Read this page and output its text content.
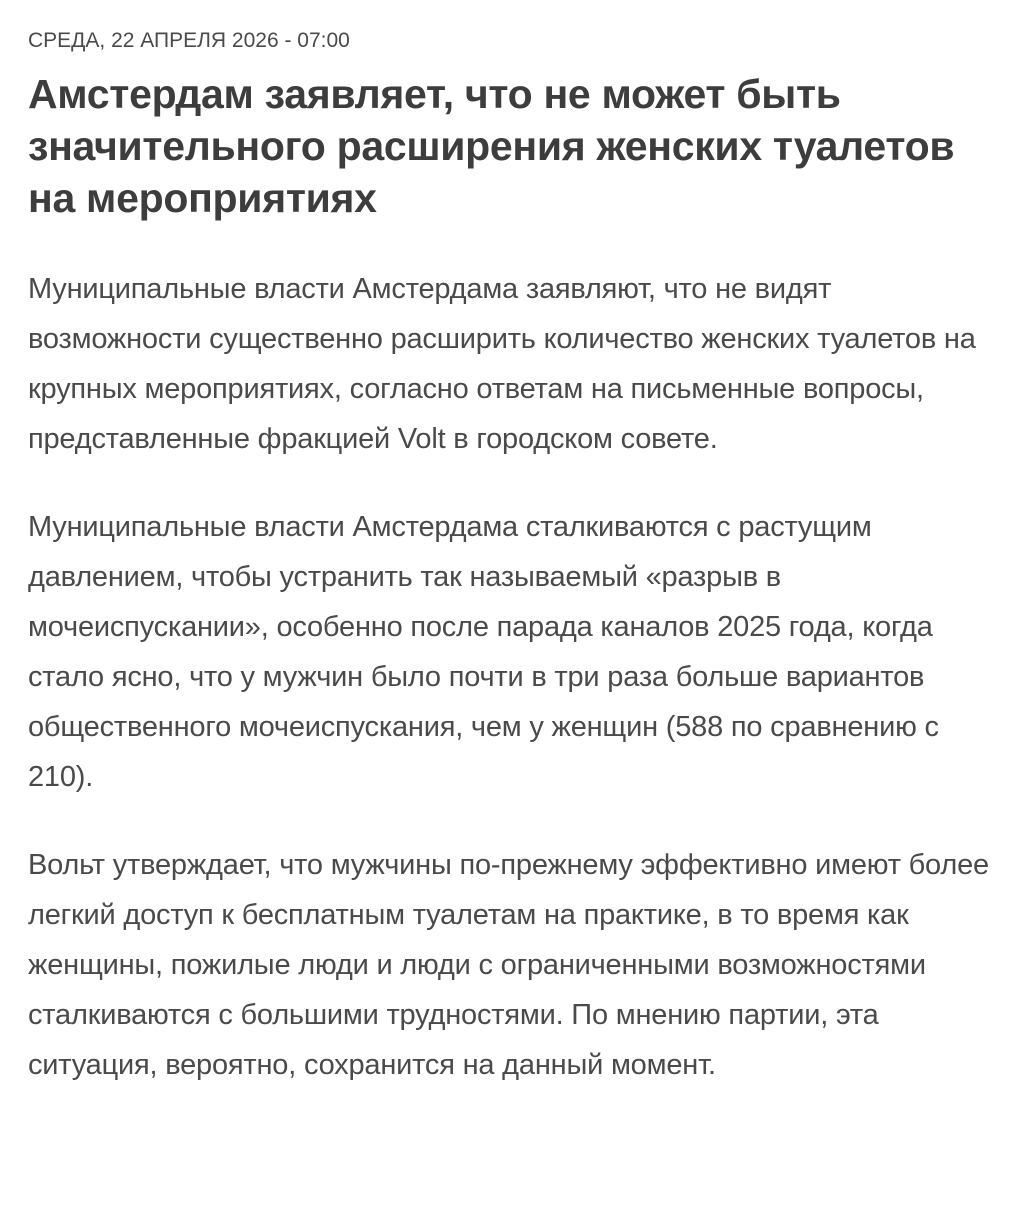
СРЕДА, 22 АПРЕЛЯ 2026 - 07:00
Амстердам заявляет, что не может быть значительного расширения женских туалетов на мероприятиях

Муниципальные власти Амстердама заявляют, что не видят возможности существенно расширить количество женских туалетов на крупных мероприятиях, согласно ответам на письменные вопросы, представленные фракцией Volt в городском совете.

Муниципальные власти Амстердама сталкиваются с растущим давлением, чтобы устранить так называемый «разрыв в мочеиспускании», особенно после парада каналов 2025 года, когда стало ясно, что у мужчин было почти в три раза больше вариантов общественного мочеиспускания, чем у женщин (588 по сравнению с 210).

Вольт утверждает, что мужчины по-прежнему эффективно имеют более легкий доступ к бесплатным туалетам на практике, в то время как женщины, пожилые люди и люди с ограниченными возможностями сталкиваются с большими трудностями. По мнению партии, эта ситуация, вероятно, сохранится на данный момент.
